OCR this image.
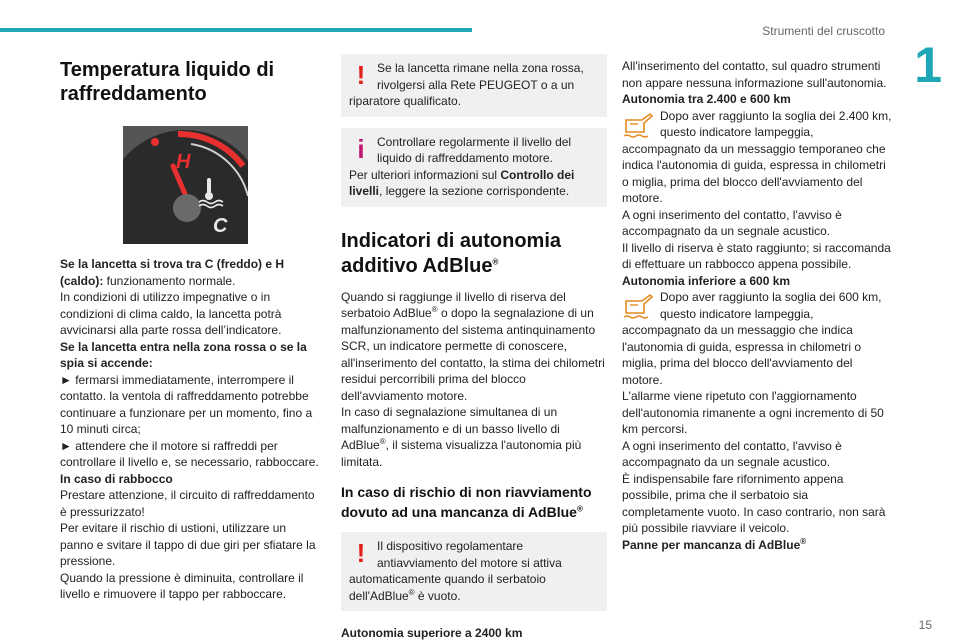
Strumenti del cruscotto
1
15
Temperatura liquido di raffreddamento
H
C

Se la lancetta si trova tra C (freddo) e H (caldo): funzionamento normale.

In condizioni di utilizzo impegnative o in condizioni di clima caldo, la lancetta potrà avvicinarsi alla parte rossa dell’indicatore.

Se la lancetta entra nella zona rossa o se la spia si accende:

► fermarsi immediatamente, interrompere il contatto. la ventola di raffreddamento potrebbe continuare a funzionare per un momento, fino a 10 minuti circa;

► attendere che il motore si raffreddi per controllare il livello e, se necessario, rabboccare.

In caso di rabbocco

Prestare attenzione, il circuito di raffreddamento è pressurizzato!

Per evitare il rischio di ustioni, utilizzare un panno e svitare il tappo di due giri per sfiatare la pressione.

Quando la pressione è diminuita, controllare il livello e rimuovere il tappo per rabboccare.

! Se la lancetta rimane nella zona rossa, rivolgersi alla Rete PEUGEOT o a un riparatore qualificato.
i	Controllare regolarmente il livello del liquido di raffreddamento motore.
Per ulteriori informazioni sul Controllo dei livelli, leggere la sezione corrispondente.
Indicatori di autonomia additivo AdBlue®

Quando si raggiunge il livello di riserva del serbatoio AdBlue® o dopo la segnalazione di un malfunzionamento del sistema antinquinamento SCR, un indicatore permette di conoscere, all'inserimento del contatto, la stima dei chilometri residui percorribili prima del blocco dell'avviamento motore.

In caso di segnalazione simultanea di un malfunzionamento e di un basso livello di AdBlue®, il sistema visualizza l'autonomia più limitata.

In caso di rischio di non riavviamento dovuto ad una mancanza di AdBlue®
! Il dispositivo regolamentare antiavviamento del motore si attiva automaticamente quando il serbatoio dell'AdBlue® è vuoto.

Autonomia superiore a 2400 km

All'inserimento del contatto, sul quadro strumenti non appare nessuna informazione sull'autonomia.

Autonomia tra 2.400 e 600 km

Dopo aver raggiunto la soglia dei 2.400 km, questo indicatore lampeggia, accompagnato da un messaggio temporaneo che indica l'autonomia di guida, espressa in chilometri o miglia, prima del blocco dell'avviamento del motore.

A ogni inserimento del contatto, l'avviso è accompagnato da un segnale acustico.

Il livello di riserva è stato raggiunto; si raccomanda di effettuare un rabbocco appena possibile.

Autonomia inferiore a 600 km

Dopo aver raggiunto la soglia dei 600 km, questo indicatore lampeggia, accompagnato da un messaggio che indica l'autonomia di guida, espressa in chilometri o miglia, prima del blocco dell'avviamento del motore.

L'allarme viene ripetuto con l'aggiornamento dell'autonomia rimanente a ogni incremento di 50 km percorsi.

A ogni inserimento del contatto, l'avviso è accompagnato da un segnale acustico.

È indispensabile fare rifornimento appena possibile, prima che il serbatoio sia completamente vuoto. In caso contrario, non sarà più possibile riavviare il veicolo.

Panne per mancanza di AdBlue®
